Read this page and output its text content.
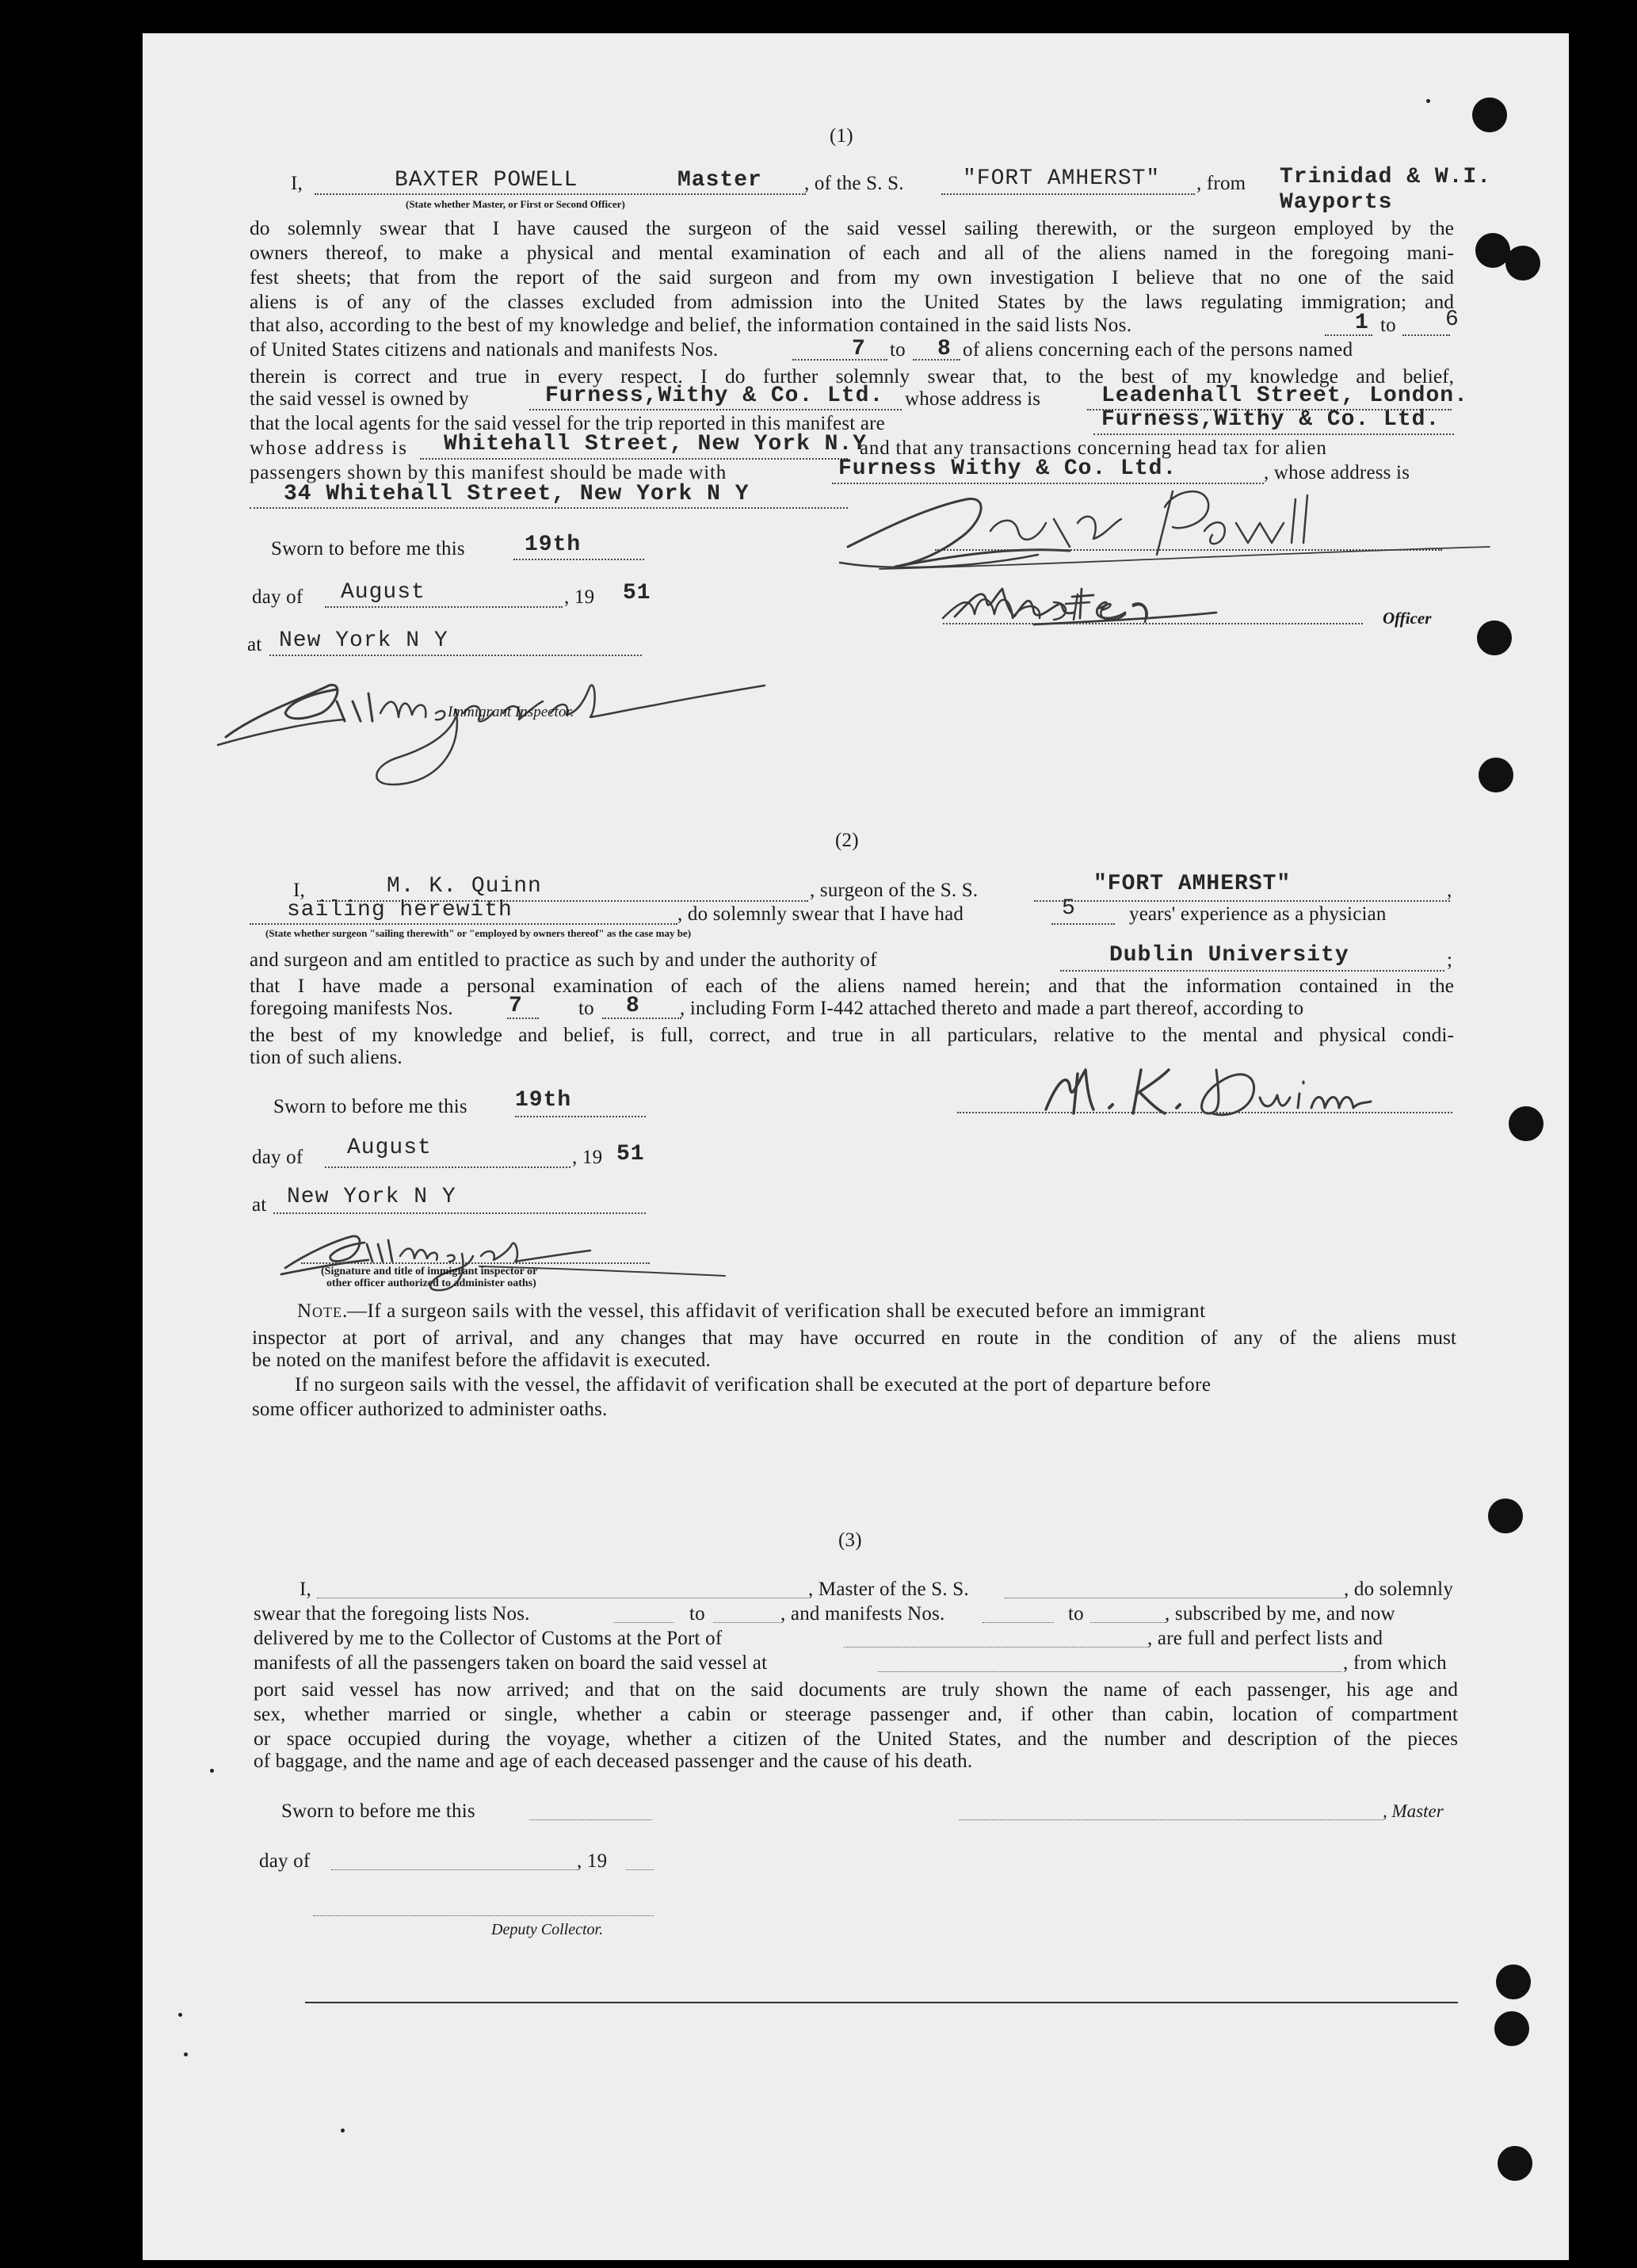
(1)
I,	BAXTER POWELL	Master
(State whether Master, or First or Second Officer)
, of the S. S.	"FORT AMHERST" , from Trinidad & W.I.
Wayports
do solemnly swear that I have caused the surgeon of the said vessel sailing therewith, or the surgeon employed by the
owners thereof, to make a physical and mental examination of each and all of the aliens named in the foregoing mani-
fest sheets; that from the report of the said surgeon and from my own investigation I believe that no one of the said
aliens is of any of the classes excluded from admission into the United States by the laws regulating immigration; and
that also, according to the best of my knowledge and belief, the information contained in the said lists Nos.	1 to 6
of United States citizens and nationals and manifests Nos.	7 to 8 of aliens concerning each of the persons named
therein is correct and true in every respect. I do further solemnly swear that, to the best of my knowledge and belief,
the said vessel is owned by	Furness,Withy & Co. Ltd. whose address is	Leadenhall Street, London.
that the local agents for the said vessel for the trip reported in this manifest are	Furness,Withy & Co. Ltd.
whose address is Whitehall Street, New York N.Y
and that any transactions concerning head tax for alien
passengers shown by this manifest should be made with	Furness Withy & Co. Ltd.	, whose address is
34 Whitehall Street, New York N Y
Sworn to before me this	19th
day of August	, 19 51
at New York N Y
Immigrant Inspector.
Officer
(2)
I,	M. K. Quinn	, surgeon of the S. S.	"FORT AMHERST"	,
sailing herewith	, do solemnly swear that I have had	5	years' experience as a physician
(State whether surgeon "sailing therewith" or "employed by owners thereof" as the case may be)
and surgeon and am entitled to practice as such by and under the authority of	Dublin University	;
that I have made a personal examination of each of the aliens named herein; and that the information contained in the
foregoing manifests Nos.	7	to 8 , including Form I-442 attached thereto and made a part thereof, according to
the best of my knowledge and belief, is full, correct, and true in all particulars, relative to the mental and physical condi-
tion of such aliens.
Sworn to before me this 19th
day of August	, 19 51
at New York N Y
(Signature and title of immigrant inspector or
other officer authorized to administer oaths)
Note.
—If a surgeon sails with the vessel, this affidavit of verification shall be executed before an immigrant
inspector at port of arrival, and any changes that may have occurred en route in the condition of any of the aliens must
be noted on the manifest before the affidavit is executed.
If no surgeon sails with the vessel, the affidavit of verification shall be executed at the port of departure before
some officer authorized to administer oaths.
(3)
I,	, Master of the S. S.	, do solemnly
swear that the foregoing lists Nos.	to	, and manifests Nos.	to	, subscribed by me, and now
delivered by me to the Collector of Customs at the Port of	, are full and perfect lists and
manifests of all the passengers taken on board the said vessel at	, from which
port said vessel has now arrived; and that on the said documents are truly shown the name of each passenger, his age and
sex, whether married or single, whether a cabin or steerage passenger and, if other than cabin, location of compartment
or space occupied during the voyage, whether a citizen of the United States, and the number and description of the pieces
of baggage, and the name and age of each deceased passenger and the cause of his death.
Sworn to before me this	, Master
day of	, 19
Deputy Collector.
